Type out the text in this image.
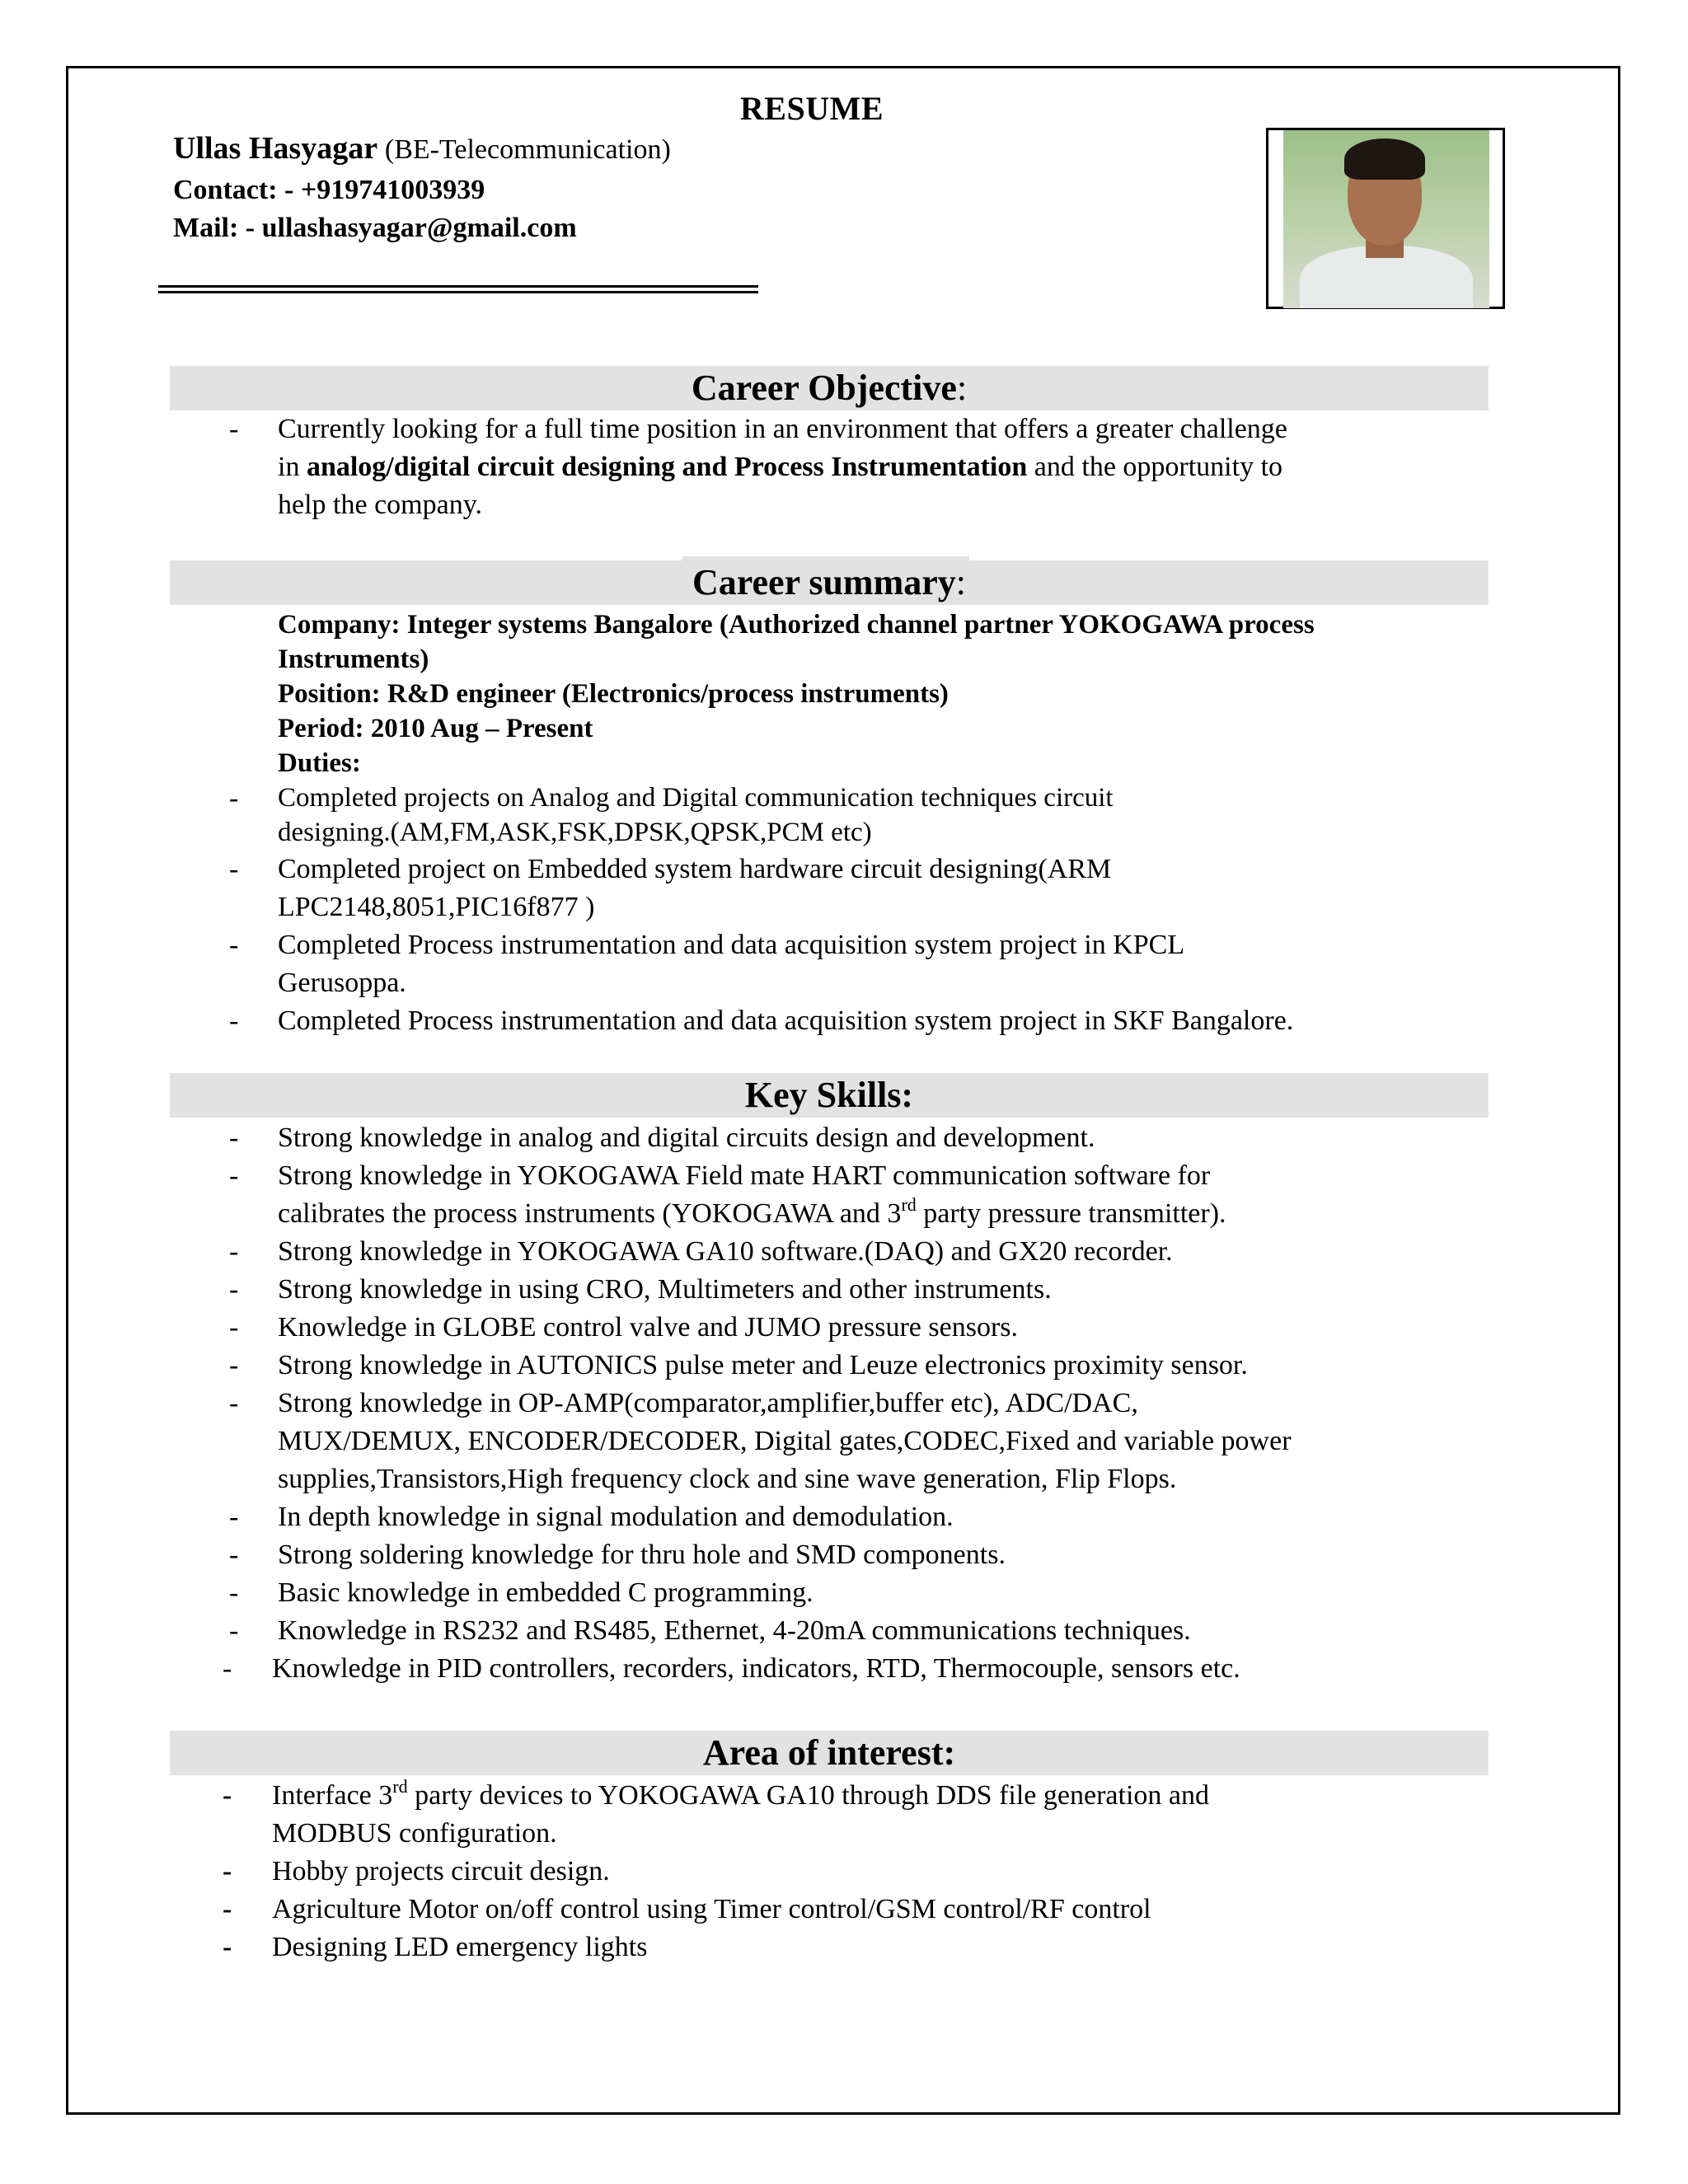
RESUME
Ullas Hasyagar (BE-Telecommunication)
Contact: - +919741003939
Mail: - ullashasyagar@gmail.com
Career Objective:
- Currently looking for a full time position in an environment that offers a greater challenge
in analog/digital circuit designing and Process Instrumentation and the opportunity to
help the company.
Career summary:
Company: Integer systems Bangalore (Authorized channel partner YOKOGAWA process
Instruments)
Position: R&D engineer (Electronics/process instruments)
Period: 2010 Aug – Present
Duties:
- Completed projects on Analog and Digital communication techniques circuit
designing.(AM,FM,ASK,FSK,DPSK,QPSK,PCM etc)
- Completed project on Embedded system hardware circuit designing(ARM
LPC2148,8051,PIC16f877 )
- Completed Process instrumentation and data acquisition system project in KPCL
Gerusoppa.
- Completed Process instrumentation and data acquisition system project in SKF Bangalore.
Key Skills:
- Strong knowledge in analog and digital circuits design and development.
- Strong knowledge in YOKOGAWA Field mate HART communication software for
calibrates the process instruments (YOKOGAWA and 3rd party pressure transmitter).
- Strong knowledge in YOKOGAWA GA10 software.(DAQ) and GX20 recorder.
- Strong knowledge in using CRO, Multimeters and other instruments.
- Knowledge in GLOBE control valve and JUMO pressure sensors.
- Strong knowledge in AUTONICS pulse meter and Leuze electronics proximity sensor.
- Strong knowledge in OP-AMP(comparator,amplifier,buffer etc), ADC/DAC,
MUX/DEMUX, ENCODER/DECODER, Digital gates,CODEC,Fixed and variable power
supplies,Transistors,High frequency clock and sine wave generation, Flip Flops.
- In depth knowledge in signal modulation and demodulation.
- Strong soldering knowledge for thru hole and SMD components.
- Basic knowledge in embedded C programming.
- Knowledge in RS232 and RS485, Ethernet, 4-20mA communications techniques.
- Knowledge in PID controllers, recorders, indicators, RTD, Thermocouple, sensors etc.
Area of interest:
- Interface 3rd party devices to YOKOGAWA GA10 through DDS file generation and
MODBUS configuration.
- Hobby projects circuit design.
- Agriculture Motor on/off control using Timer control/GSM control/RF control
- Designing LED emergency lights
